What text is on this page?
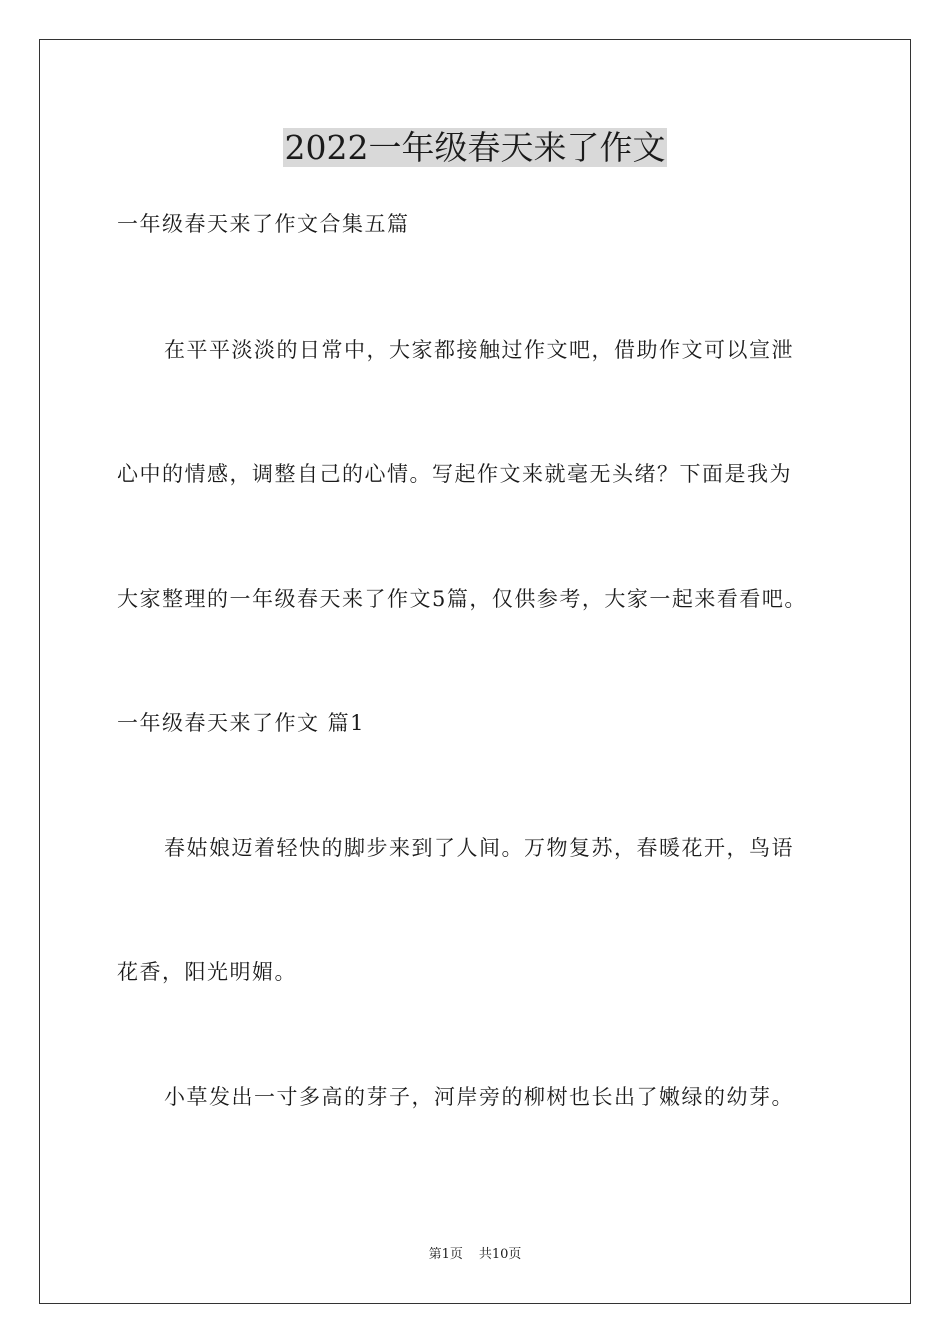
2022一年级春天来了作文

一年级春天来了作文合集五篇

在平平淡淡的日常中，大家都接触过作文吧，借助作文可以宣泄

心中的情感，调整自己的心情。写起作文来就毫无头绪？下面是我为

大家整理的一年级春天来了作文5篇，仅供参考，大家一起来看看吧。

一年级春天来了作文 篇1

春姑娘迈着轻快的脚步来到了人间。万物复苏，春暖花开，鸟语

花香，阳光明媚。

小草发出一寸多高的芽子，河岸旁的柳树也长出了嫩绿的幼芽。

第1页 共10页
